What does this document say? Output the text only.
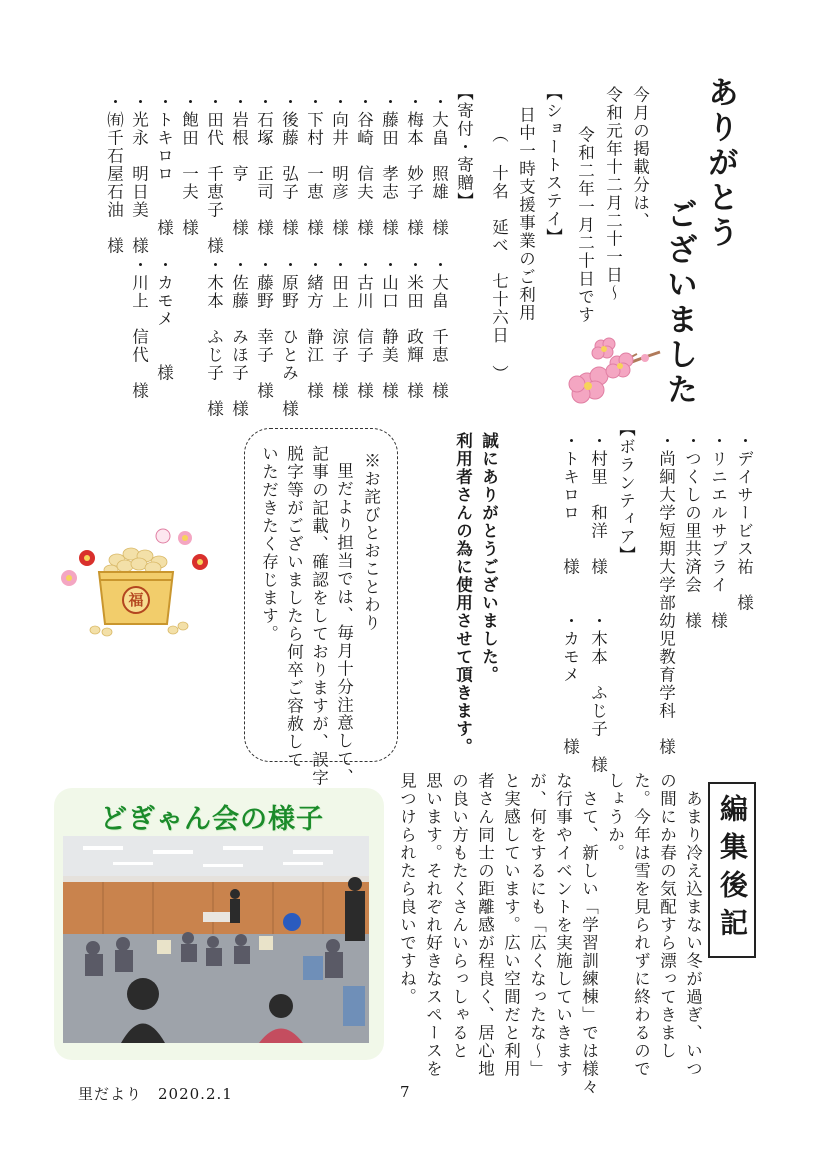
ありがとう
ございました
今月の掲載分は、
令和元年十二月二十一日～
令和二年一月二十日です
【ショートステイ】
日中一時支援事業のご利用
（ 十名　延べ　七十六日 ）
【寄付・寄贈】
・大畠　照雄　様
・梅本　妙子　様
・藤田　孝志　様
・谷崎　信夫　様
・向井　明彦　様
・下村　一恵　様
・後藤　弘子　様
・石塚　正司　様
・岩根　亨　　様
・田代　千恵子　様
・飽田　一夫　様
・トキロロ　　様
・光永　明日美　様
・㈲千石屋石油　様
・大畠　千恵　様
・米田　政輝　様
・山口　静美　様
・古川　信子　様
・田上　涼子　様
・緒方　静江　様
・原野　ひとみ　様
・藤野　幸子　様
・佐藤　みほ子　様
・木本　ふじ子　様
・カモメ　　様
・川上　信代　様
・デイサービス祐　様
・リニエルサプライ　様
・つくしの里共済会　様
・尚絅大学短期大学部幼児教育学科　様
【ボランティア】
・村里　和洋　様　　・木本　ふじ子　様
・トキロロ　　様　　・カモメ　　　様
誠にありがとうございました。
利用者さんの為に使用させて頂きます。
※お詫びとおことわり
里だより担当では、毎月十分注意して、
記事の記載、確認をしておりますが、誤字
脱字等がございましたら何卒ご容赦して
いただきたく存じます。
福
どぎゃん会の様子	編集後記
あまり冷え込まない冬が過ぎ、いつ
の間にか春の気配すら漂ってきまし
た。今年は雪を見られずに終わるので
しょうか。
さて、新しい「学習訓練棟」では様々
な行事やイベントを実施していきます
が、何をするにも「広くなったな～」
と実感しています。広い空間だと利用
者さん同士の距離感が程良く、居心地
の良い方もたくさんいらっしゃると
思います。それぞれ好きなスペースを
見つけられたら良いですね。
里だより　2020.2.1	7
